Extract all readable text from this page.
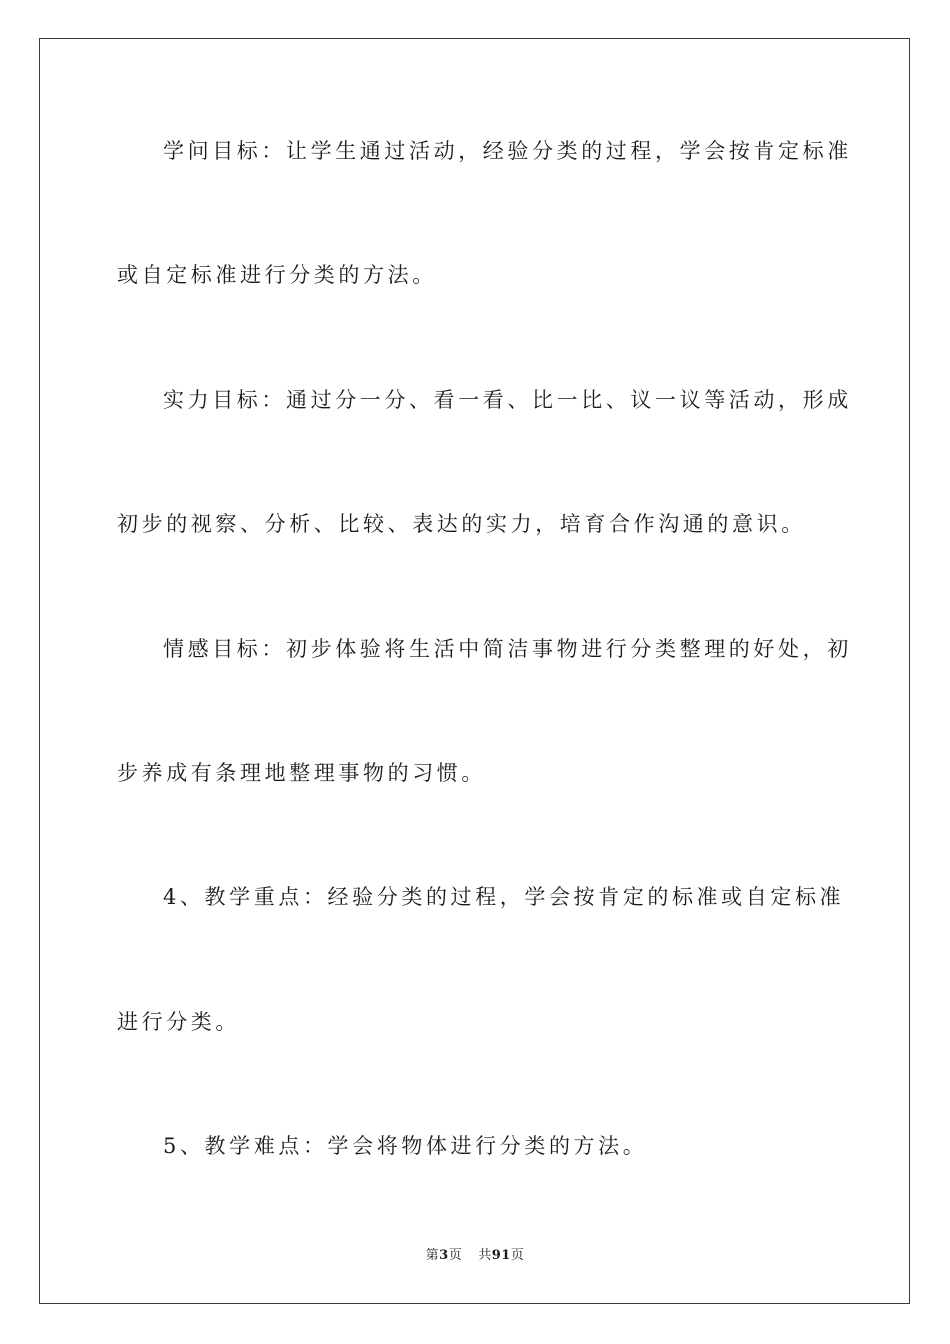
学问目标：让学生通过活动，经验分类的过程，学会按肯定标准
或自定标准进行分类的方法。
实力目标：通过分一分、看一看、比一比、议一议等活动，形成
初步的视察、分析、比较、表达的实力，培育合作沟通的意识。
情感目标：初步体验将生活中简洁事物进行分类整理的好处，初
步养成有条理地整理事物的习惯。
4、教学重点：经验分类的过程，学会按肯定的标准或自定标准
进行分类。
5、教学难点：学会将物体进行分类的方法。
第3页 共91页
